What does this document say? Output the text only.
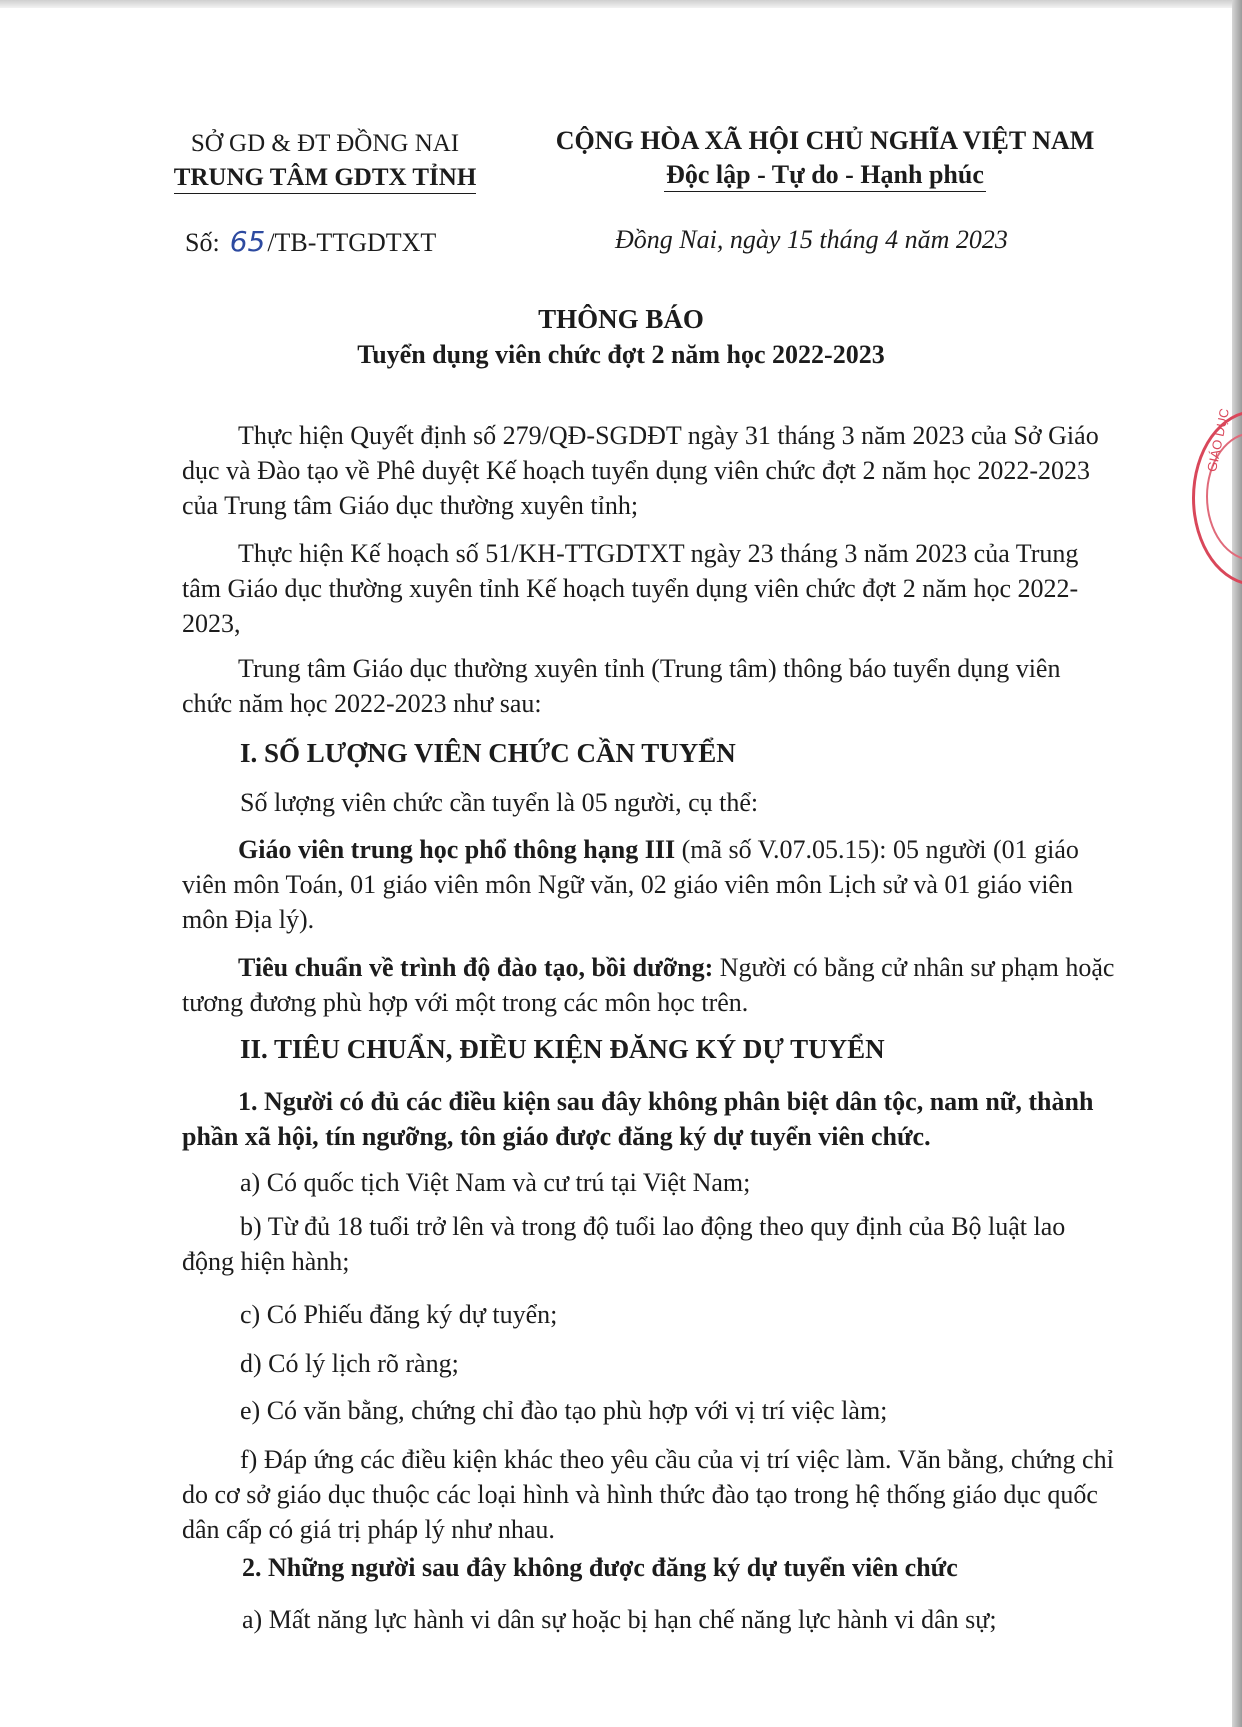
GIÁO DỤC
SỞ GD & ĐT ĐỒNG NAI
TRUNG TÂM GDTX TỈNH
CỘNG HÒA XÃ HỘI CHỦ NGHĨA VIỆT NAM
Độc lập - Tự do - Hạnh phúc
Số: 65/TB-TTGDTXT	Đồng Nai, ngày 15 tháng 4 năm 2023
THÔNG BÁO
Tuyển dụng viên chức đợt 2 năm học 2022-2023

Thực hiện Quyết định số 279/QĐ-SGDĐT ngày 31 tháng 3 năm 2023 của Sở Giáo dục và Đào tạo về Phê duyệt Kế hoạch tuyển dụng viên chức đợt 2 năm học 2022-2023 của Trung tâm Giáo dục thường xuyên tỉnh;

Thực hiện Kế hoạch số 51/KH-TTGDTXT ngày 23 tháng 3 năm 2023 của Trung tâm Giáo dục thường xuyên tỉnh Kế hoạch tuyển dụng viên chức đợt 2 năm học 2022-2023,

Trung tâm Giáo dục thường xuyên tỉnh (Trung tâm) thông báo tuyển dụng viên chức năm học 2022-2023 như sau:

I. SỐ LƯỢNG VIÊN CHỨC CẦN TUYỂN

Số lượng viên chức cần tuyển là 05 người, cụ thể:

Giáo viên trung học phổ thông hạng III (mã số V.07.05.15): 05 người (01 giáo viên môn Toán, 01 giáo viên môn Ngữ văn, 02 giáo viên môn Lịch sử và 01 giáo viên môn Địa lý).

Tiêu chuẩn về trình độ đào tạo, bồi dưỡng: Người có bằng cử nhân sư phạm hoặc tương đương phù hợp với một trong các môn học trên.

II. TIÊU CHUẨN, ĐIỀU KIỆN ĐĂNG KÝ DỰ TUYỂN

1. Người có đủ các điều kiện sau đây không phân biệt dân tộc, nam nữ, thành phần xã hội, tín ngưỡng, tôn giáo được đăng ký dự tuyển viên chức.

a) Có quốc tịch Việt Nam và cư trú tại Việt Nam;

b) Từ đủ 18 tuổi trở lên và trong độ tuổi lao động theo quy định của Bộ luật lao động hiện hành;

c) Có Phiếu đăng ký dự tuyển;

d) Có lý lịch rõ ràng;

e) Có văn bằng, chứng chỉ đào tạo phù hợp với vị trí việc làm;

f) Đáp ứng các điều kiện khác theo yêu cầu của vị trí việc làm. Văn bằng, chứng chỉ do cơ sở giáo dục thuộc các loại hình và hình thức đào tạo trong hệ thống giáo dục quốc dân cấp có giá trị pháp lý như nhau.

2. Những người sau đây không được đăng ký dự tuyển viên chức

a) Mất năng lực hành vi dân sự hoặc bị hạn chế năng lực hành vi dân sự;
